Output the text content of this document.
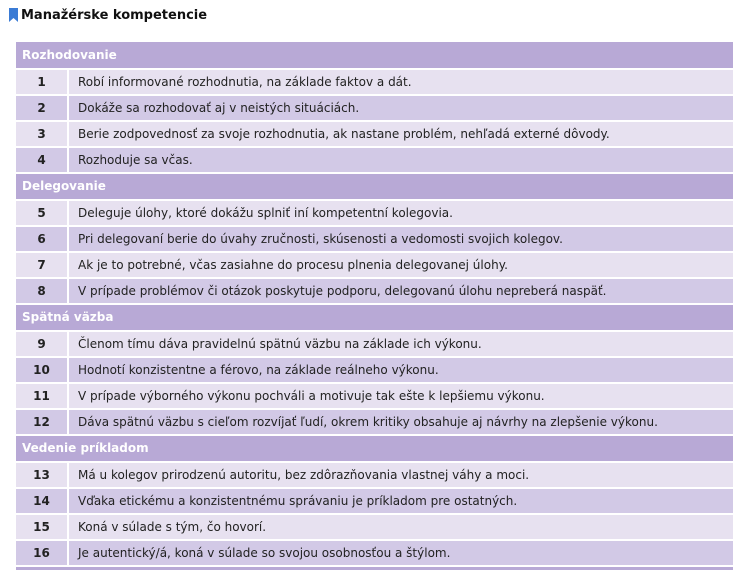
Manažérske kompetencie
Rozhodovanie
1	Robí informované rozhodnutia, na základe faktov a dát.
2	Dokáže sa rozhodovať aj v neistých situáciách.
3	Berie zodpovednosť za svoje rozhodnutia, ak nastane problém, nehľadá externé dôvody.
4	Rozhoduje sa včas.
Delegovanie
5	Deleguje úlohy, ktoré dokážu splniť iní kompetentní kolegovia.
6	Pri delegovaní berie do úvahy zručnosti, skúsenosti a vedomosti svojich kolegov.
7	Ak je to potrebné, včas zasiahne do procesu plnenia delegovanej úlohy.
8	V prípade problémov či otázok poskytuje podporu, delegovanú úlohu nepreberá naspäť.
Spätná väzba
9	Členom tímu dáva pravidelnú spätnú väzbu na základe ich výkonu.
10	Hodnotí konzistentne a férovo, na základe reálneho výkonu.
11	V prípade výborného výkonu pochváli a motivuje tak ešte k lepšiemu výkonu.
12	Dáva spätnú väzbu s cieľom rozvíjať ľudí, okrem kritiky obsahuje aj návrhy na zlepšenie výkonu.
Vedenie príkladom
13	Má u kolegov prirodzenú autoritu, bez zdôrazňovania vlastnej váhy a moci.
14	Vďaka etickému a konzistentnému správaniu je príkladom pre ostatných.
15	Koná v súlade s tým, čo hovorí.
16	Je autentický/á, koná v súlade so svojou osobnosťou a štýlom.
